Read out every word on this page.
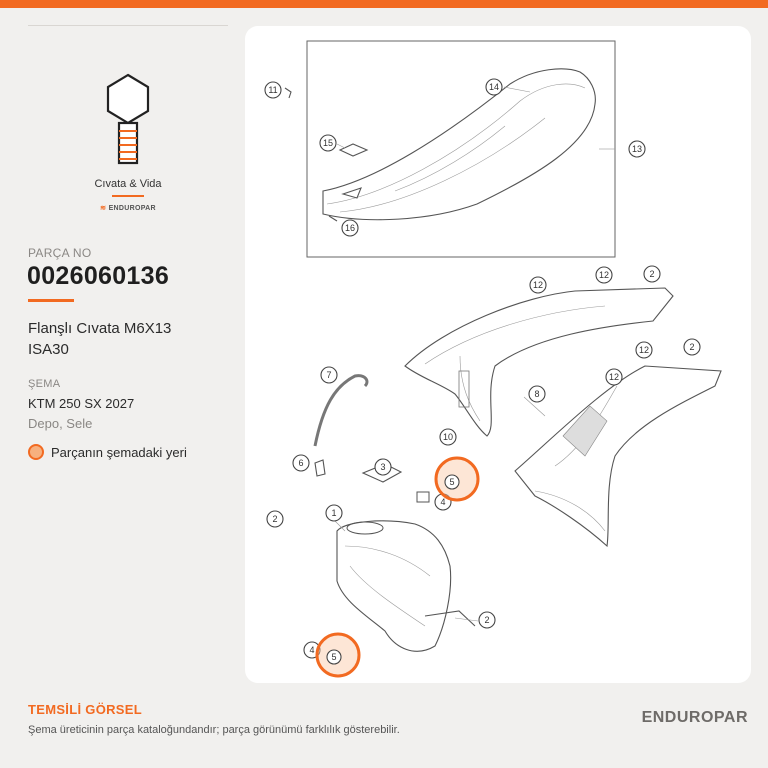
Cıvata & Vida
≋ ENDUROPAR
PARÇA NO
0026060136
Flanşlı Cıvata M6X13
ISA30
ŞEMA
KTM 250 SX 2027
Depo, Sele
Parçanın şemadaki yeri
11	14
13
15
16
12
12	2
12	2
12
7
8
10
3
6
4
2
1
2
4
5
5
TEMSİLİ GÖRSEL
Şema üreticinin parça kataloğundandır; parça görünümü farklılık gösterebilir.
ENDUROPAR
